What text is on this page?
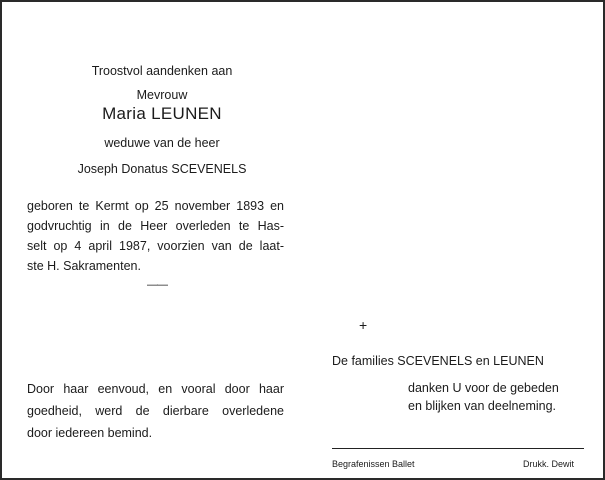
Troostvol aandenken aan
Mevrouw
Maria LEUNEN
weduwe van de heer
Joseph Donatus SCEVENELS
geboren te Kermt op 25 november 1893 en
godvruchtig in de Heer overleden te Has-
selt op 4 april 1987, voorzien van de laat-
ste H. Sakramenten.
——
Door haar eenvoud, en vooral door haar
goedheid, werd de dierbare overledene
door iedereen bemind.
+
De families SCEVENELS en LEUNEN
danken U voor de gebeden
en blijken van deelneming.
Begrafenissen Ballet	Drukk. Dewit
